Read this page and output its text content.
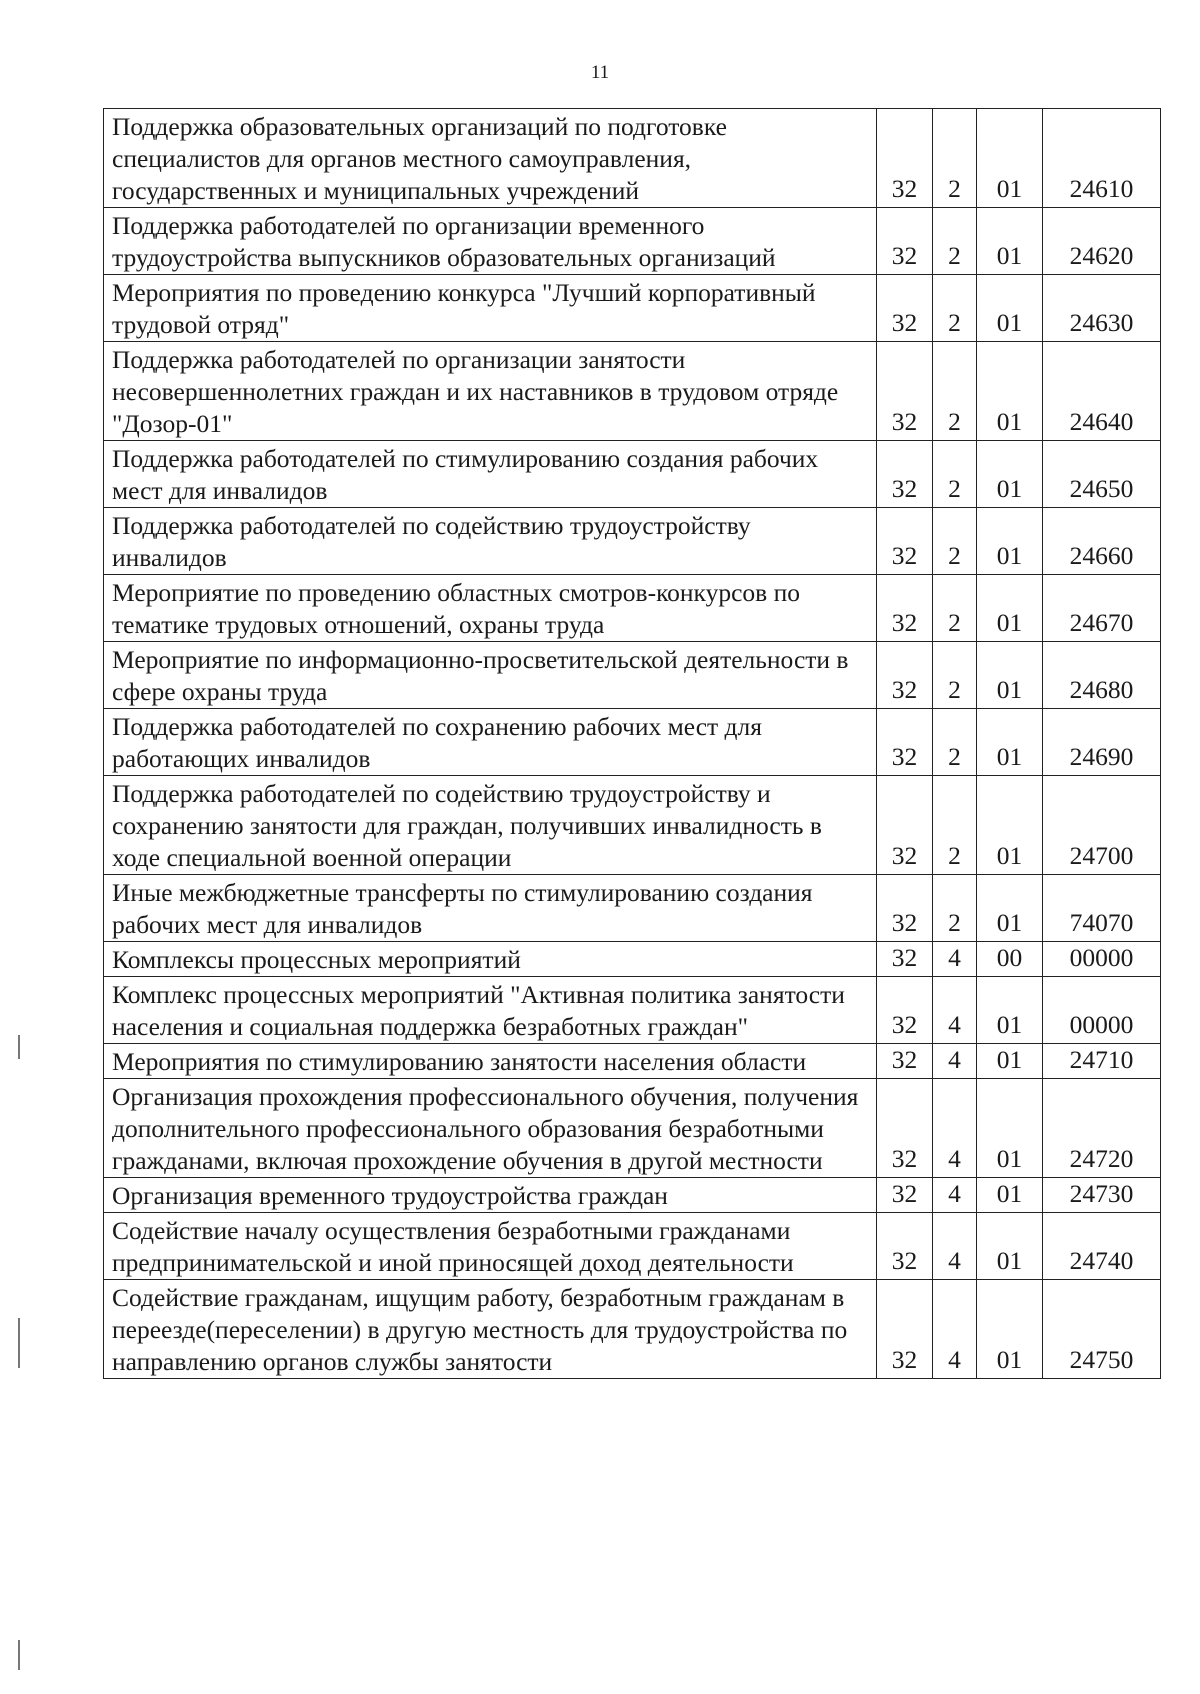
11
Поддержка образовательных организаций по подготовке специалистов для органов местного самоуправления, государственных и муниципальных учреждений	32	2	01	24610
Поддержка работодателей по организации временного трудоустройства выпускников образовательных организаций	32	2	01	24620
Мероприятия по проведению конкурса "Лучший корпоративный трудовой отряд"	32	2	01	24630
Поддержка работодателей по организации занятости несовершеннолетних граждан и их наставников в трудовом отряде "Дозор-01"	32	2	01	24640
Поддержка работодателей по стимулированию создания рабочих мест для инвалидов	32	2	01	24650
Поддержка работодателей по содействию трудоустройству инвалидов	32	2	01	24660
Мероприятие по проведению областных смотров-конкурсов по тематике трудовых отношений, охраны труда	32	2	01	24670
Мероприятие по информационно-просветительской деятельности в сфере охраны труда	32	2	01	24680
Поддержка работодателей по сохранению рабочих мест для работающих инвалидов	32	2	01	24690
Поддержка работодателей по содействию трудоустройству и сохранению занятости для граждан, получивших инвалидность в ходе специальной военной операции	32	2	01	24700
Иные межбюджетные трансферты по стимулированию создания рабочих мест для инвалидов	32	2	01	74070
Комплексы процессных мероприятий	32	4	00	00000
Комплекс процессных мероприятий "Активная политика занятости населения и социальная поддержка безработных граждан"	32	4	01	00000
Мероприятия по стимулированию занятости населения области	32	4	01	24710
Организация прохождения профессионального обучения, получения дополнительного профессионального образования безработными гражданами, включая прохождение обучения в другой местности	32	4	01	24720
Организация временного трудоустройства граждан	32	4	01	24730
Содействие началу осуществления безработными гражданами предпринимательской и иной приносящей доход деятельности	32	4	01	24740
Содействие гражданам, ищущим работу, безработным гражданам в переезде(переселении) в другую местность для трудоустройства по направлению органов службы занятости	32	4	01	24750
